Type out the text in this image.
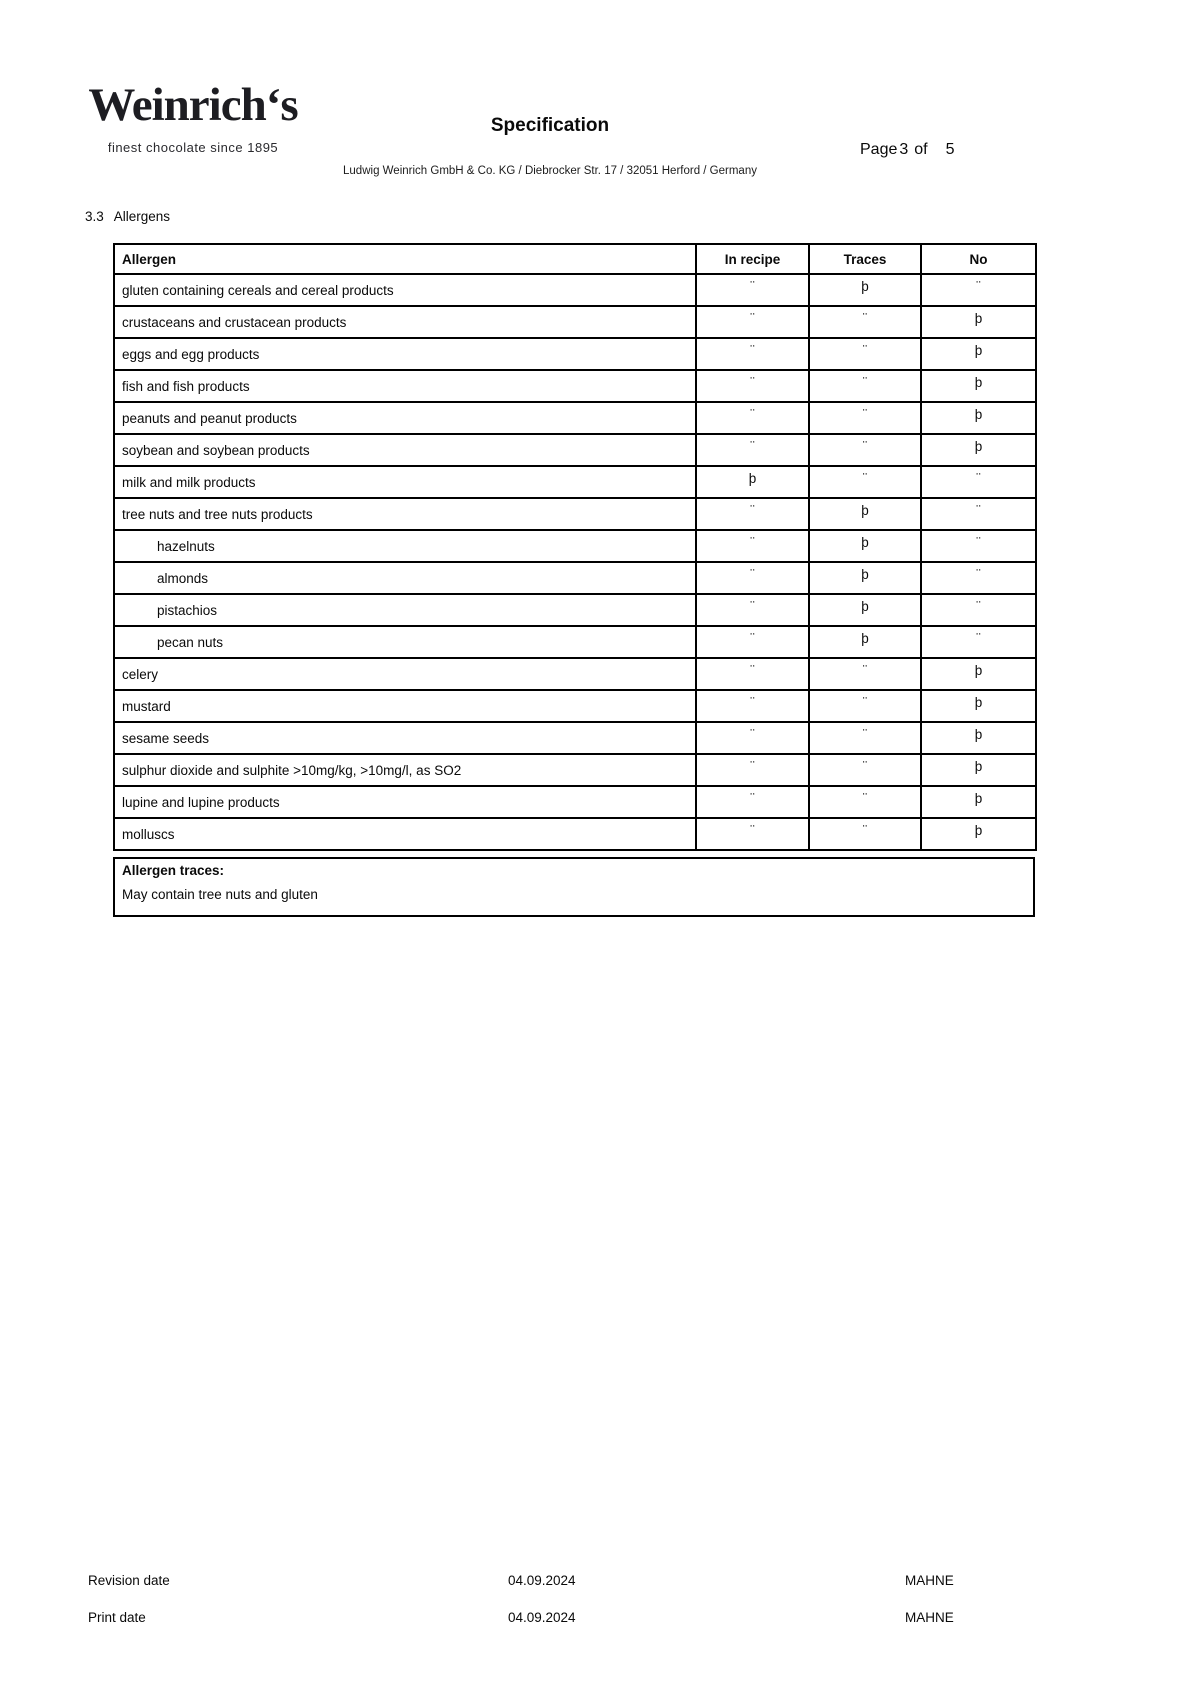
Weinrich‘s
finest chocolate since 1895
Specification
Page 3 of 5
Ludwig Weinrich GmbH & Co. KG / Diebrocker Str. 17 / 32051 Herford / Germany
3.3 Allergens
Allergen	In recipe	Traces	No
gluten containing cereals and cereal products	¨	þ	¨
crustaceans and crustacean products	¨	¨	þ
eggs and egg products	¨	¨	þ
fish and fish products	¨	¨	þ
peanuts and peanut products	¨	¨	þ
soybean and soybean products	¨	¨	þ
milk and milk products	þ	¨	¨
tree nuts and tree nuts products	¨	þ	¨
hazelnuts	¨	þ	¨
almonds	¨	þ	¨
pistachios	¨	þ	¨
pecan nuts	¨	þ	¨
celery	¨	¨	þ
mustard	¨	¨	þ
sesame seeds	¨	¨	þ
sulphur dioxide and sulphite >10mg/kg, >10mg/l, as SO2	¨	¨	þ
lupine and lupine products	¨	¨	þ
molluscs	¨	¨	þ
Allergen traces:
May contain tree nuts and gluten
Revision date	04.09.2024	MAHNE
Print date	04.09.2024	MAHNE
